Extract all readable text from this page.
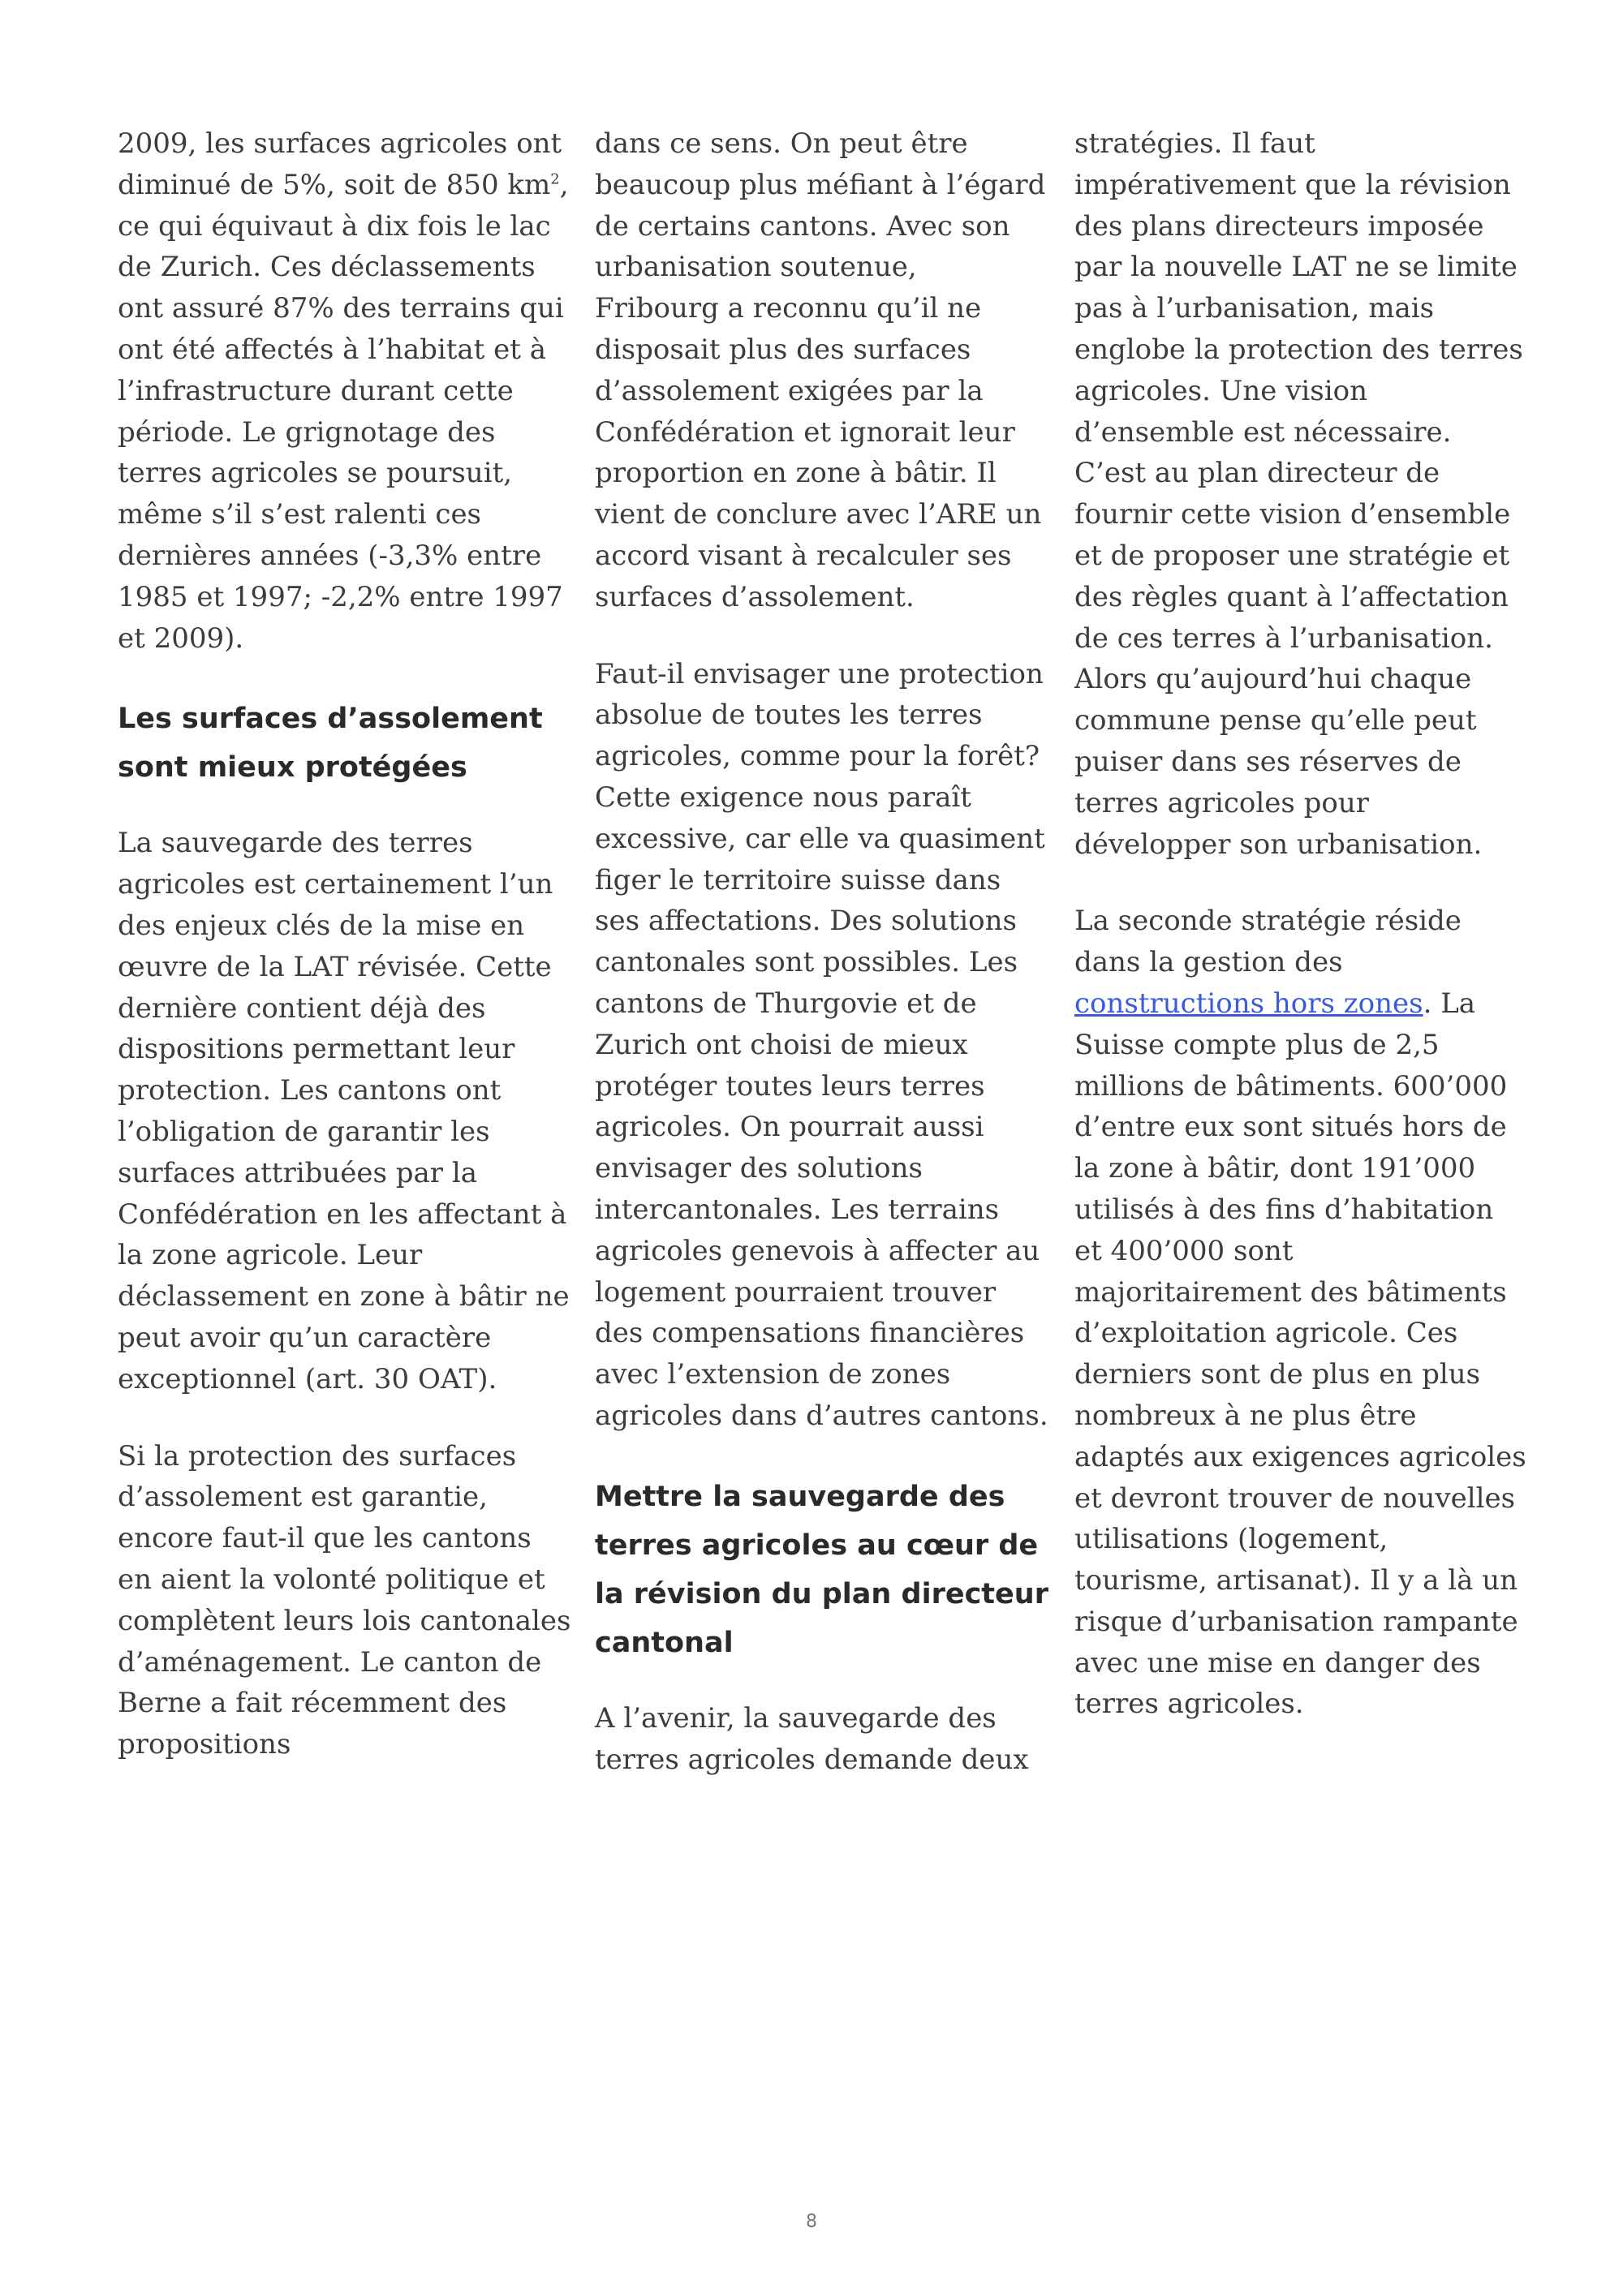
2009, les surfaces agricoles ont diminué de 5%, soit de 850 $km^2$, ce qui équivaut à dix fois le lac de Zurich. Ces déclassements ont assuré 87% des terrains qui ont été affectés à l’habitat et à l’infrastructure durant cette période. Le grignotage des terres agricoles se poursuit, même s’il s’est ralenti ces dernières années (-3,3% entre 1985 et 1997; -2,2% entre 1997 et 2009).

Les surfaces d’assolement sont mieux protégées

La sauvegarde des terres agricoles est certainement l’un des enjeux clés de la mise en œuvre de la LAT révisée. Cette dernière contient déjà des dispositions permettant leur protection. Les cantons ont l’obligation de garantir les surfaces attribuées par la Confédération en les affectant à la zone agricole. Leur déclassement en zone à bâtir ne peut avoir qu’un caractère exceptionnel (art. 30 OAT).

Si la protection des surfaces d’assolement est garantie, encore faut-il que les cantons en aient la volonté politique et complètent leurs lois cantonales d’aménagement. Le canton de Berne a fait récemment des propositions

dans ce sens. On peut être beaucoup plus méfiant à l’égard de certains cantons. Avec son urbanisation soutenue, Fribourg a reconnu qu’il ne disposait plus des surfaces d’assolement exigées par la Confédération et ignorait leur proportion en zone à bâtir. Il vient de conclure avec l’ARE un accord visant à recalculer ses surfaces d’assolement.

Faut-il envisager une protection absolue de toutes les terres agricoles, comme pour la forêt? Cette exigence nous paraît excessive, car elle va quasiment figer le territoire suisse dans ses affectations. Des solutions cantonales sont possibles. Les cantons de Thurgovie et de Zurich ont choisi de mieux protéger toutes leurs terres agricoles. On pourrait aussi envisager des solutions intercantonales. Les terrains agricoles genevois à affecter au logement pourraient trouver des compensations financières avec l’extension de zones agricoles dans d’autres cantons.

Mettre la sauvegarde des terres agricoles au cœur de la révision du plan directeur cantonal

A l’avenir, la sauvegarde des terres agricoles demande deux

stratégies. Il faut impérativement que la révision des plans directeurs imposée par la nouvelle LAT ne se limite pas à l’urbanisation, mais englobe la protection des terres agricoles. Une vision d’ensemble est nécessaire. C’est au plan directeur de fournir cette vision d’ensemble et de proposer une stratégie et des règles quant à l’affectation de ces terres à l’urbanisation. Alors qu’aujourd’hui chaque commune pense qu’elle peut puiser dans ses réserves de terres agricoles pour développer son urbanisation.

La seconde stratégie réside dans la gestion des constructions hors zones. La Suisse compte plus de 2,5 millions de bâtiments. 600’000 d’entre eux sont situés hors de la zone à bâtir, dont 191’000 utilisés à des fins d’habitation et 400’000 sont majoritairement des bâtiments d’exploitation agricole. Ces derniers sont de plus en plus nombreux à ne plus être adaptés aux exigences agricoles et devront trouver de nouvelles utilisations (logement, tourisme, artisanat). Il y a là un risque d’urbanisation rampante avec une mise en danger des terres agricoles.

8
